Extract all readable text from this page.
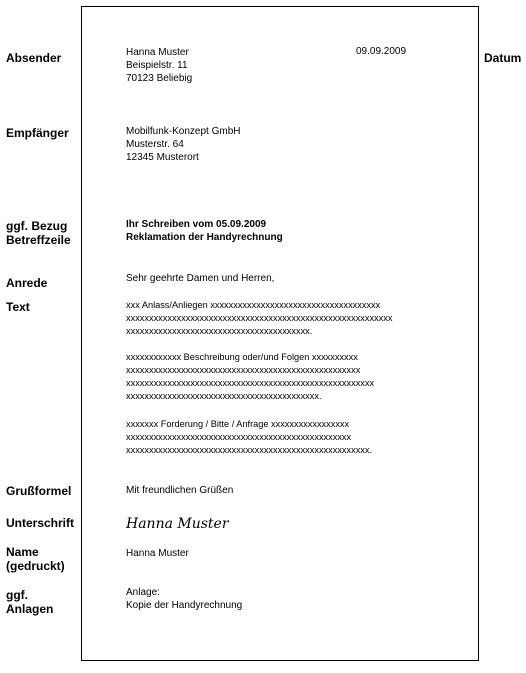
Absender	Datum
Empfänger
ggf. Bezug
Betreffzeile
Anrede
Text
Grußformel
Unterschrift
Name
(gedruckt)
ggf.
Anlagen
Hanna Muster
Beispielstr. 11
70123 Beliebig
09.09.2009
Mobilfunk-Konzept GmbH
Musterstr. 64
12345 Musterort
Ihr Schreiben vom 05.09.2009
Reklamation der Handyrechnung
Sehr geehrte Damen und Herren,
xxx Anlass/Anliegen xxxxxxxxxxxxxxxxxxxxxxxxxxxxxxxxxxxxx
xxxxxxxxxxxxxxxxxxxxxxxxxxxxxxxxxxxxxxxxxxxxxxxxxxxxxxxxxx
xxxxxxxxxxxxxxxxxxxxxxxxxxxxxxxxxxxxxxxx.
xxxxxxxxxxxx Beschreibung oder/und Folgen xxxxxxxxxx
xxxxxxxxxxxxxxxxxxxxxxxxxxxxxxxxxxxxxxxxxxxxxxxxxxx
xxxxxxxxxxxxxxxxxxxxxxxxxxxxxxxxxxxxxxxxxxxxxxxxxxxxxx
xxxxxxxxxxxxxxxxxxxxxxxxxxxxxxxxxxxxxxxxxx.
xxxxxxx Forderung / Bitte / Anfrage xxxxxxxxxxxxxxxxx
xxxxxxxxxxxxxxxxxxxxxxxxxxxxxxxxxxxxxxxxxxxxxxxxx
xxxxxxxxxxxxxxxxxxxxxxxxxxxxxxxxxxxxxxxxxxxxxxxxxxxxx.
Mit freundlichen Grüßen
Hanna Muster
Hanna Muster
Anlage:
Kopie der Handyrechnung
